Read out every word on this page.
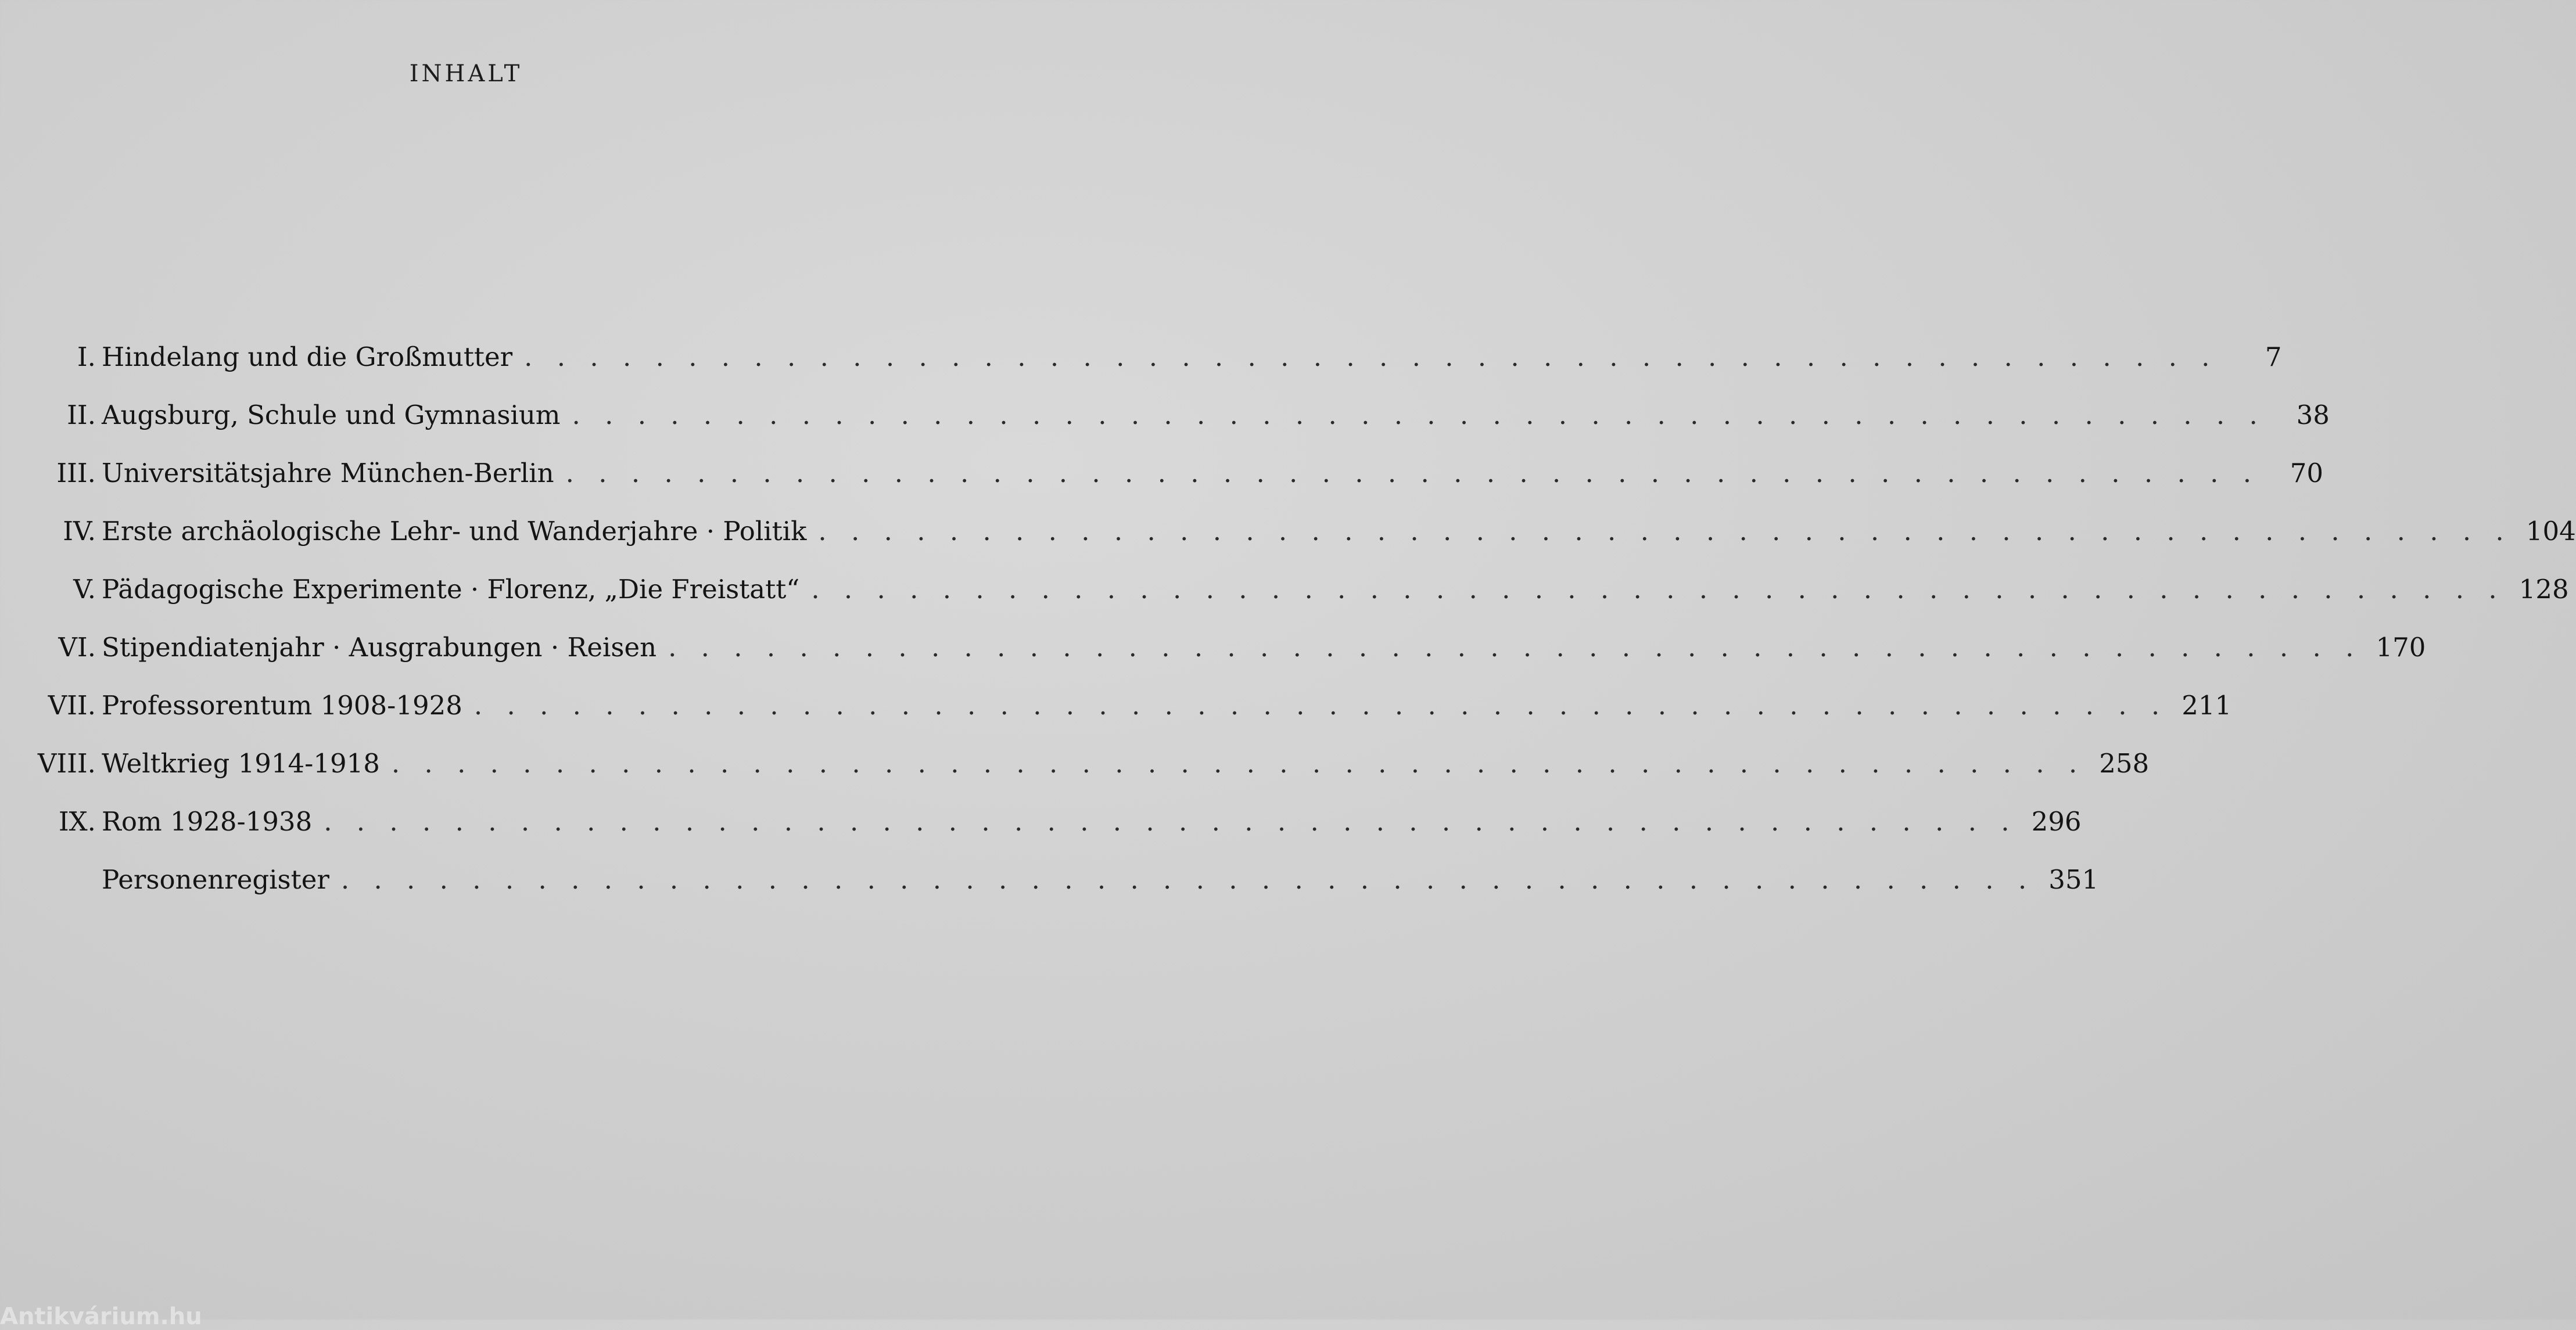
INHALT
I. Hindelang und die Großmutter . . . . . . . . . . . . . . . . . . . . . . . . . . . . . . . . . . . . . . . . . . . . . . . . . . . .	7
II. Augsburg, Schule und Gymnasium . . . . . . . . . . . . . . . . . . . . . . . . . . . . . . . . . . . . . . . . . . . . . . . . . . . .	38
III. Universitätsjahre München-Berlin . . . . . . . . . . . . . . . . . . . . . . . . . . . . . . . . . . . . . . . . . . . . . . . . . . . .	70
IV. Erste archäologische Lehr- und Wanderjahre · Politik . . . . . . . . . . . . . . . . . . . . . . . . . . . . . . . . . . . . . . . . . . . . . . . . . . . . 104
V. Pädagogische Experimente · Florenz, „Die Freistatt“ . . . . . . . . . . . . . . . . . . . . . . . . . . . . . . . . . . . . . . . . . . . . . . . . . . . . 128
VI. Stipendiatenjahr · Ausgrabungen · Reisen . . . . . . . . . . . . . . . . . . . . . . . . . . . . . . . . . . . . . . . . . . . . . . . . . . . . 170
VII. Professorentum 1908-1928 . . . . . . . . . . . . . . . . . . . . . . . . . . . . . . . . . . . . . . . . . . . . . . . . . . . . 211
VIII. Weltkrieg 1914-1918 . . . . . . . . . . . . . . . . . . . . . . . . . . . . . . . . . . . . . . . . . . . . . . . . . . . . 258
IX. Rom 1928-1938 . . . . . . . . . . . . . . . . . . . . . . . . . . . . . . . . . . . . . . . . . . . . . . . . . . . . 296
Personenregister . . . . . . . . . . . . . . . . . . . . . . . . . . . . . . . . . . . . . . . . . . . . . . . . . . . . 351
Antikvárium.hu
